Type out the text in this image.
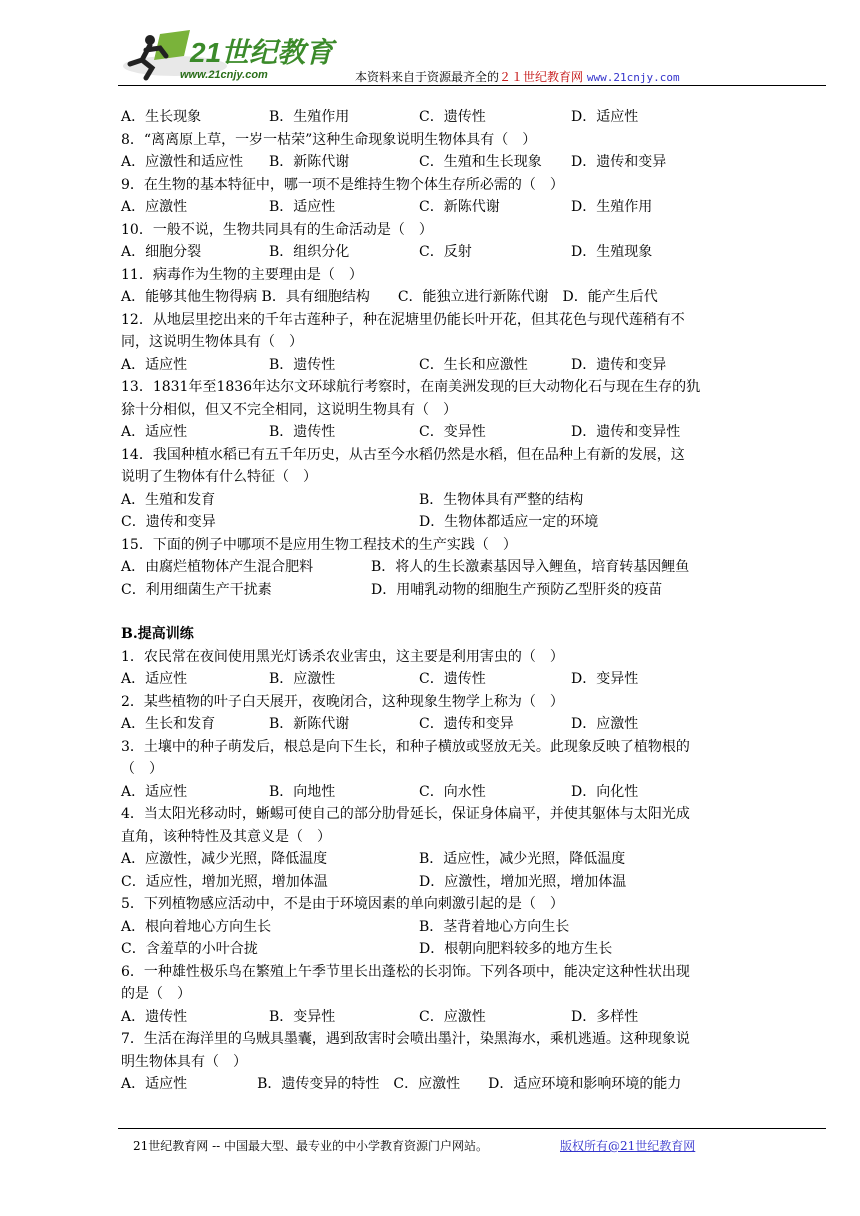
21世纪教育
www.21cnjy.com	本资料来自于资源最齐全的２１世纪教育网 www.21cnjy.com
A．生长现象	B．生殖作用	C．遗传性	D．适应性
8．“离离原上草，一岁一枯荣”这种生命现象说明生物体具有（　）
A．应激性和适应性	B．新陈代谢	C．生殖和生长现象	D．遗传和变异
9．在生物的基本特征中，哪一项不是维持生物个体生存所必需的（　）
A．应激性	B．适应性	C．新陈代谢	D．生殖作用
10．一般不说，生物共同具有的生命活动是（　）
A．细胞分裂	B．组织分化	C．反射	D．生殖现象
11．病毒作为生物的主要理由是（　）
A．能够其他生物得病 B．具有细胞结构　　C．能独立进行新陈代谢　D．能产生后代
12．从地层里挖出来的千年古莲种子，种在泥塘里仍能长叶开花，但其花色与现代莲稍有不
同，这说明生物体具有（　）
A．适应性	B．遗传性	C．生长和应激性	D．遗传和变异
13．1831年至1836年达尔文环球航行考察时，在南美洲发现的巨大动物化石与现在生存的犰
狳十分相似，但又不完全相同，这说明生物具有（　）
A．适应性	B．遗传性	C．变异性	D．遗传和变异性
14．我国种植水稻已有五千年历史，从古至今水稻仍然是水稻，但在品种上有新的发展，这
说明了生物体有什么特征（　）
A．生殖和发育	B．生物体具有严整的结构
C．遗传和变异	D．生物体都适应一定的环境
15．下面的例子中哪项不是应用生物工程技术的生产实践（　）
A．由腐烂植物体产生混合肥料	B．将人的生长激素基因导入鲤鱼，培育转基因鲤鱼
C．利用细菌生产干扰素	D．用哺乳动物的细胞生产预防乙型肝炎的疫苗
B.提高训练
1．农民常在夜间使用黑光灯诱杀农业害虫，这主要是利用害虫的（　）
A．适应性	B．应激性	C．遗传性	D．变异性
2．某些植物的叶子白天展开，夜晚闭合，这种现象生物学上称为（　）
A．生长和发育	B．新陈代谢	C．遗传和变异	D．应激性
3．土壤中的种子萌发后，根总是向下生长，和种子横放或竖放无关。此现象反映了植物根的
（　）
A．适应性	B．向地性	C．向水性	D．向化性
4．当太阳光移动时，蜥蜴可使自己的部分肋骨延长，保证身体扁平，并使其躯体与太阳光成
直角，该种特性及其意义是（　）
A．应激性，减少光照，降低温度	B．适应性，减少光照，降低温度
C．适应性，增加光照，增加体温	D．应激性，增加光照，增加体温
5．下列植物感应活动中，不是由于环境因素的单向刺激引起的是（　）
A．根向着地心方向生长	B．茎背着地心方向生长
C．含羞草的小叶合拢	D．根朝向肥料较多的地方生长
6．一种雄性极乐鸟在繁殖上午季节里长出蓬松的长羽饰。下列各项中，能决定这种性状出现
的是（　）
A．遗传性	B．变异性	C．应激性	D．多样性
7．生活在海洋里的乌贼具墨囊，遇到敌害时会喷出墨汁，染黑海水，乘机逃遁。这种现象说
明生物体具有（　）
A．适应性　　　　　B．遗传变异的特性　C．应激性　　D．适应环境和影响环境的能力
21世纪教育网 -- 中国最大型、最专业的中小学教育资源门户网站。	版权所有@21世纪教育网
